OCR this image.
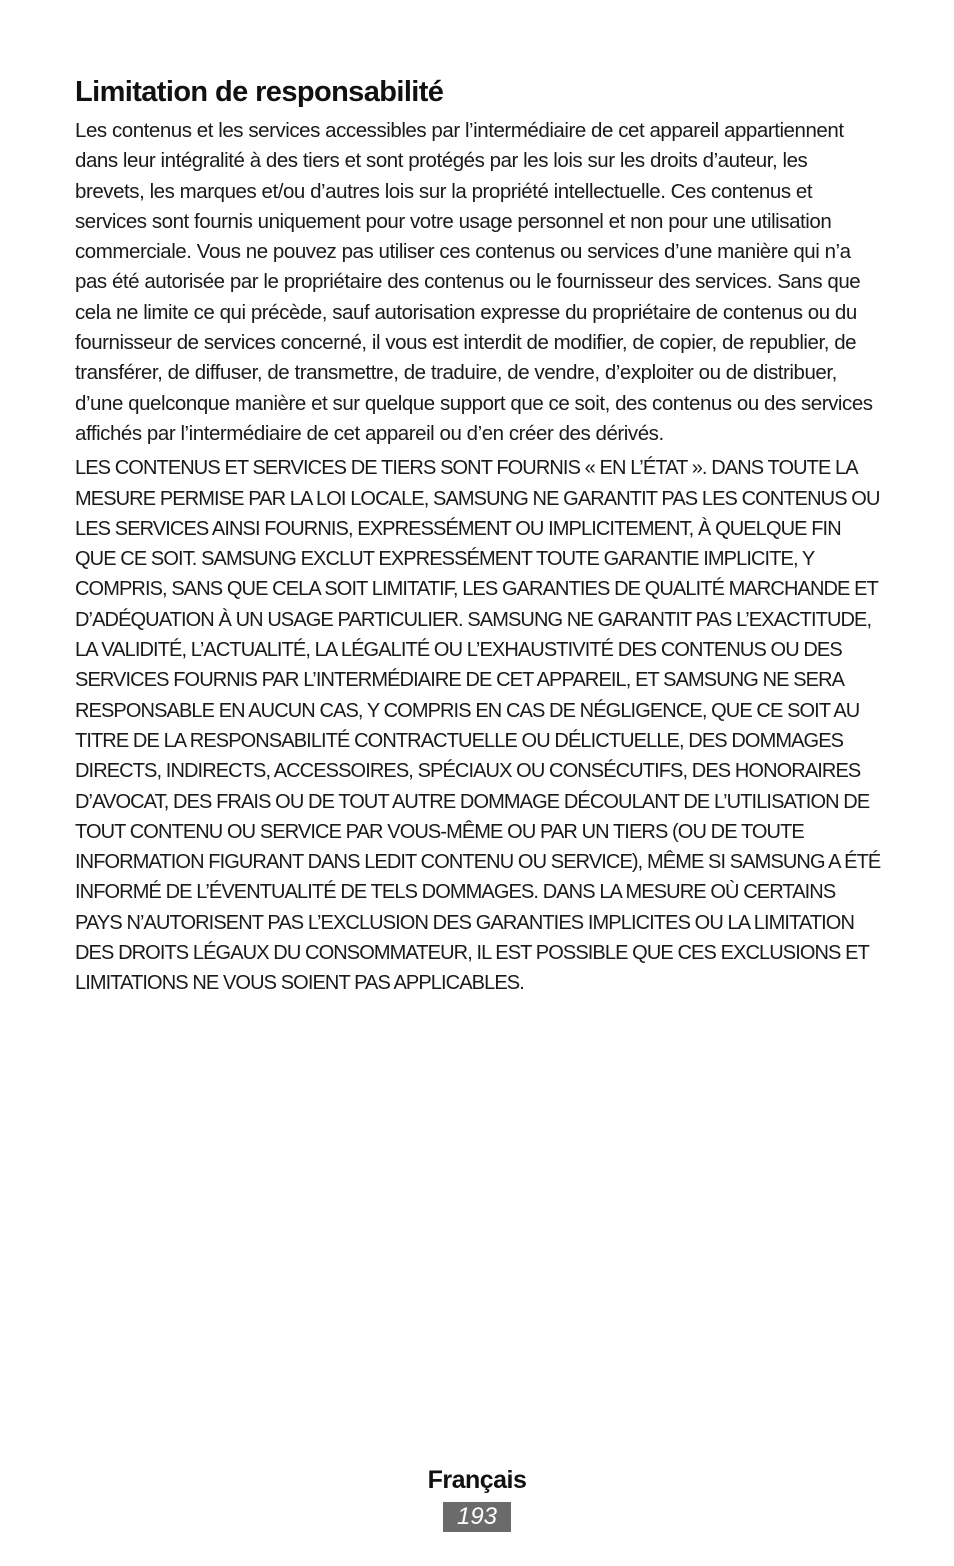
Limitation de responsabilité

Les contenus et les services accessibles par l’intermédiaire de cet appareil appartiennent dans leur intégralité à des tiers et sont protégés par les lois sur les droits d’auteur, les brevets, les marques et/ou d’autres lois sur la propriété intellectuelle. Ces contenus et services sont fournis uniquement pour votre usage personnel et non pour une utilisation commerciale. Vous ne pouvez pas utiliser ces contenus ou services d’une manière qui n’a pas été autorisée par le propriétaire des contenus ou le fournisseur des services. Sans que cela ne limite ce qui précède, sauf autorisation expresse du propriétaire de contenus ou du fournisseur de services concerné, il vous est interdit de modifier, de copier, de republier, de transférer, de diffuser, de transmettre, de traduire, de vendre, d’exploiter ou de distribuer, d’une quelconque manière et sur quelque support que ce soit, des contenus ou des services affichés par l’intermédiaire de cet appareil ou d’en créer des dérivés.

LES CONTENUS ET SERVICES DE TIERS SONT FOURNIS « EN L’ÉTAT ». DANS TOUTE LA MESURE PERMISE PAR LA LOI LOCALE, SAMSUNG NE GARANTIT PAS LES CONTENUS OU LES SERVICES AINSI FOURNIS, EXPRESSÉMENT OU IMPLICITEMENT, À QUELQUE FIN QUE CE SOIT. SAMSUNG EXCLUT EXPRESSÉMENT TOUTE GARANTIE IMPLICITE, Y COMPRIS, SANS QUE CELA SOIT LIMITATIF, LES GARANTIES DE QUALITÉ MARCHANDE ET D’ADÉQUATION À UN USAGE PARTICULIER. SAMSUNG NE GARANTIT PAS L’EXACTITUDE, LA VALIDITÉ, L’ACTUALITÉ, LA LÉGALITÉ OU L’EXHAUSTIVITÉ DES CONTENUS OU DES SERVICES FOURNIS PAR L’INTERMÉDIAIRE DE CET APPAREIL, ET SAMSUNG NE SERA RESPONSABLE EN AUCUN CAS, Y COMPRIS EN CAS DE NÉGLIGENCE, QUE CE SOIT AU TITRE DE LA RESPONSABILITÉ CONTRACTUELLE OU DÉLICTUELLE, DES DOMMAGES DIRECTS, INDIRECTS, ACCESSOIRES, SPÉCIAUX OU CONSÉCUTIFS, DES HONORAIRES D’AVOCAT, DES FRAIS OU DE TOUT AUTRE DOMMAGE DÉCOULANT DE L’UTILISATION DE TOUT CONTENU OU SERVICE PAR VOUS-MÊME OU PAR UN TIERS (OU DE TOUTE INFORMATION FIGURANT DANS LEDIT CONTENU OU SERVICE), MÊME SI SAMSUNG A ÉTÉ INFORMÉ DE L’ÉVENTUALITÉ DE TELS DOMMAGES. DANS LA MESURE OÙ CERTAINS PAYS N’AUTORISENT PAS L’EXCLUSION DES GARANTIES IMPLICITES OU LA LIMITATION DES DROITS LÉGAUX DU CONSOMMATEUR, IL EST POSSIBLE QUE CES EXCLUSIONS ET LIMITATIONS NE VOUS SOIENT PAS APPLICABLES.

Français
193
